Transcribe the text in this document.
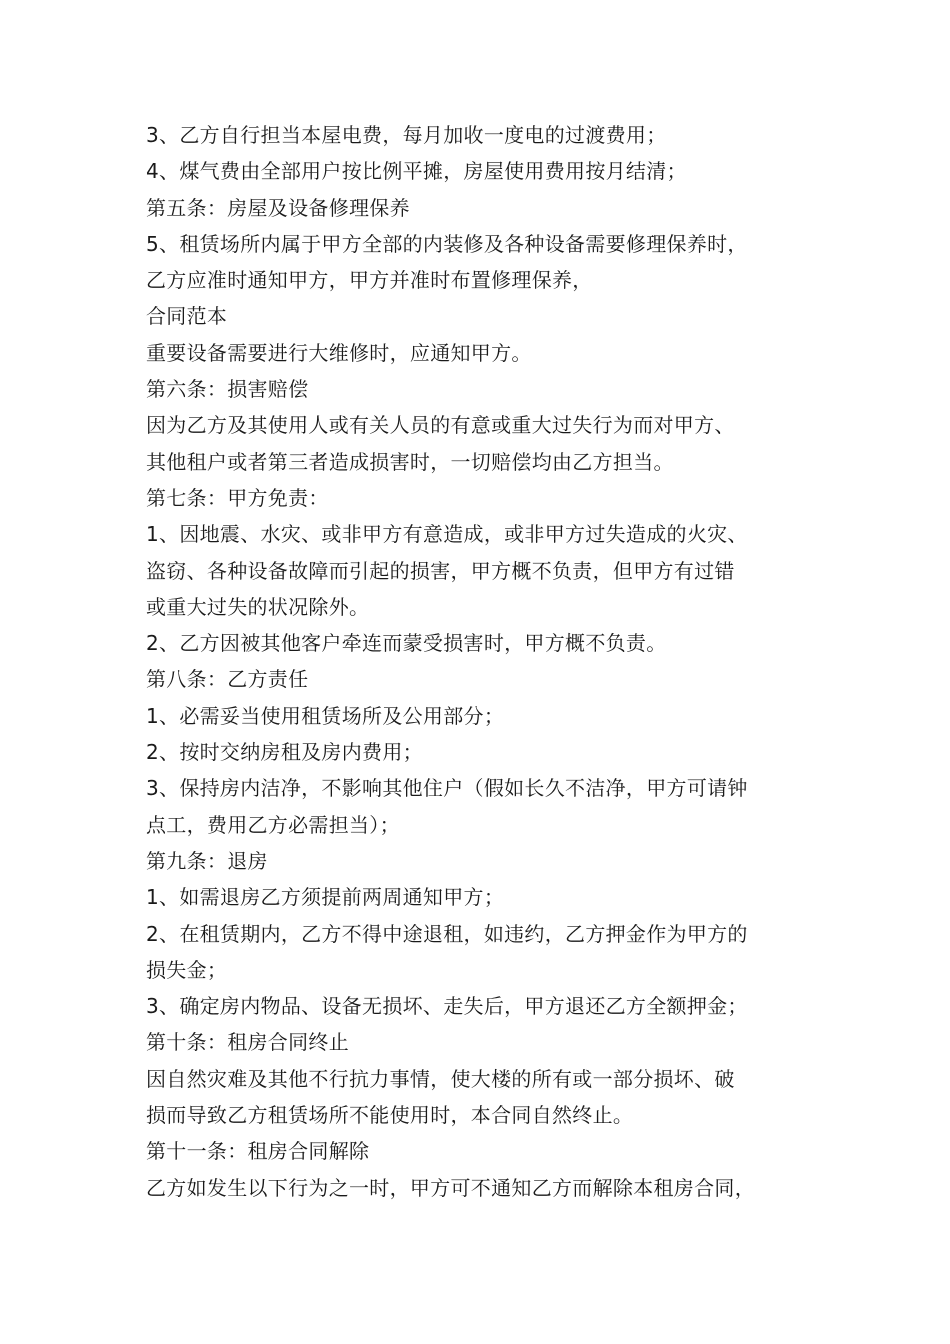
3、乙方自行担当本屋电费，每月加收一度电的过渡费用；
4、煤气费由全部用户按比例平摊，房屋使用费用按月结清；
第五条：房屋及设备修理保养
5、租赁场所内属于甲方全部的内装修及各种设备需要修理保养时，
乙方应准时通知甲方，甲方并准时布置修理保养，
合同范本
重要设备需要进行大维修时，应通知甲方。
第六条：损害赔偿
因为乙方及其使用人或有关人员的有意或重大过失行为而对甲方、
其他租户或者第三者造成损害时，一切赔偿均由乙方担当。
第七条：甲方免责：
1、因地震、水灾、或非甲方有意造成，或非甲方过失造成的火灾、
盗窃、各种设备故障而引起的损害，甲方概不负责，但甲方有过错
或重大过失的状况除外。
2、乙方因被其他客户牵连而蒙受损害时，甲方概不负责。
第八条：乙方责任
1、必需妥当使用租赁场所及公用部分；
2、按时交纳房租及房内费用；
3、保持房内洁净，不影响其他住户（假如长久不洁净，甲方可请钟
点工，费用乙方必需担当）；
第九条：退房
1、如需退房乙方须提前两周通知甲方；
2、在租赁期内，乙方不得中途退租，如违约，乙方押金作为甲方的
损失金；
3、确定房内物品、设备无损坏、走失后，甲方退还乙方全额押金；
第十条：租房合同终止
因自然灾难及其他不行抗力事情，使大楼的所有或一部分损坏、破
损而导致乙方租赁场所不能使用时，本合同自然终止。
第十一条：租房合同解除
乙方如发生以下行为之一时，甲方可不通知乙方而解除本租房合同，
